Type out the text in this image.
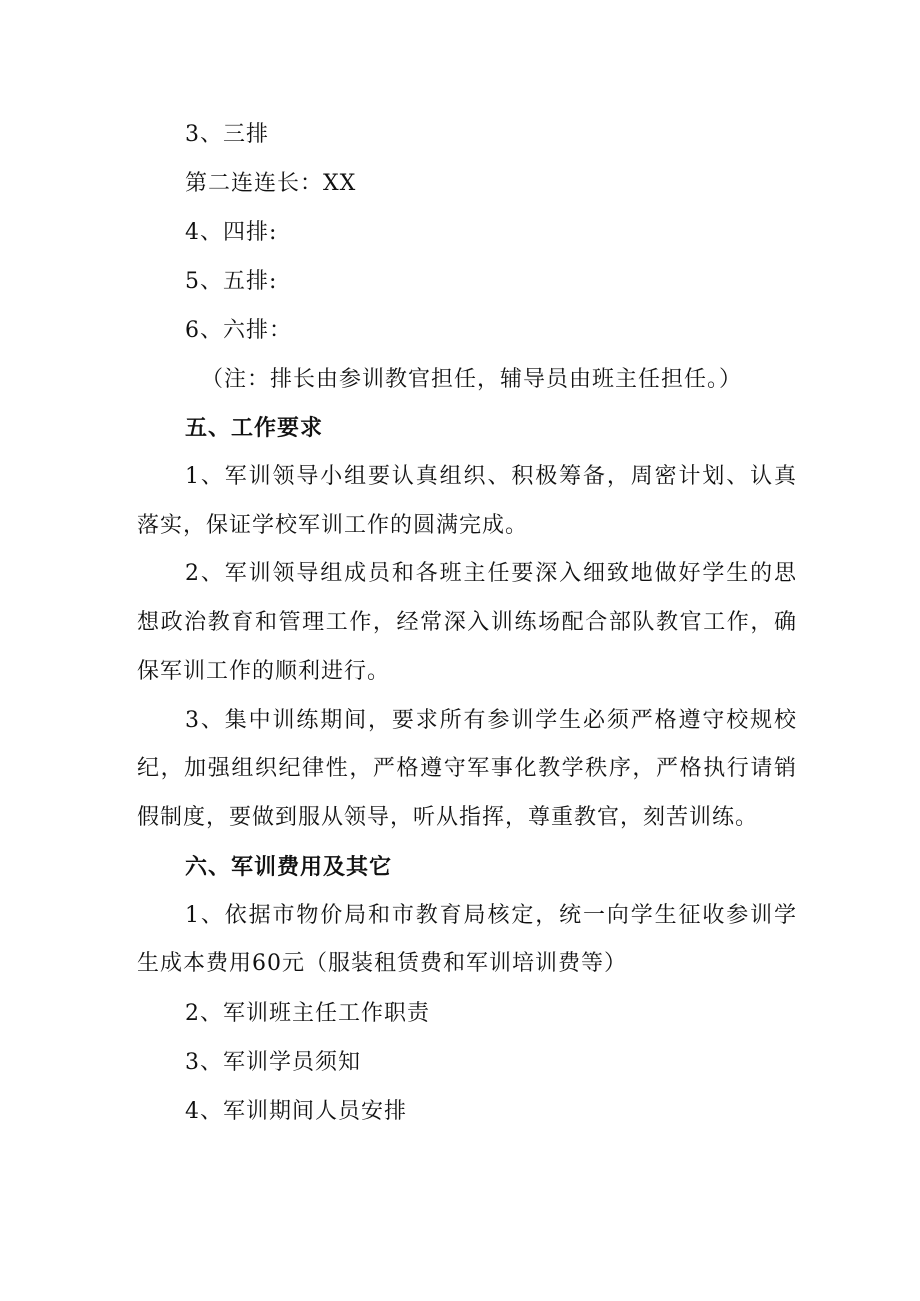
3、三排

第二连连长：XX

4、四排:

5、五排:

6、六排：

（注：排长由参训教官担任，辅导员由班主任担任。）

五、工作要求

1、军训领导小组要认真组织、积极筹备，周密计划、认真落实，保证学校军训工作的圆满完成。

2、军训领导组成员和各班主任要深入细致地做好学生的思想政治教育和管理工作，经常深入训练场配合部队教官工作，确保军训工作的顺利进行。

3、集中训练期间，要求所有参训学生必须严格遵守校规校纪，加强组织纪律性，严格遵守军事化教学秩序，严格执行请销假制度，要做到服从领导，听从指挥，尊重教官，刻苦训练。

六、军训费用及其它

1、依据市物价局和市教育局核定，统一向学生征收参训学生成本费用60元（服装租赁费和军训培训费等）

2、军训班主任工作职责

3、军训学员须知

4、军训期间人员安排
